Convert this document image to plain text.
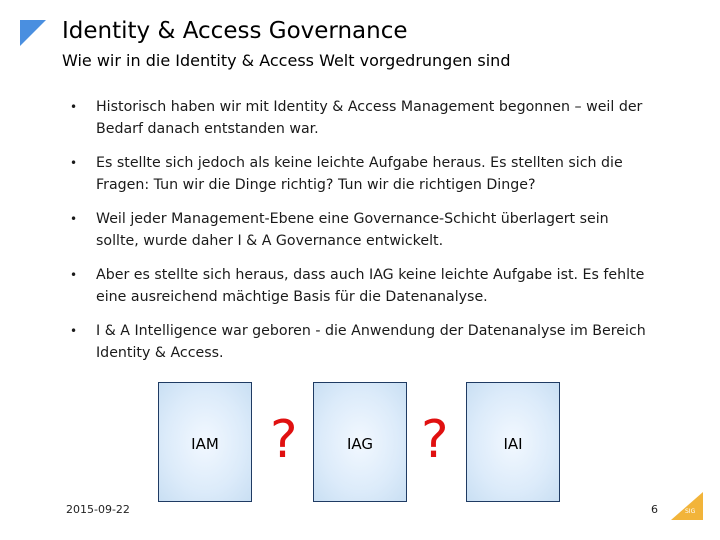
Identity & Access Governance
Wie wir in die Identity & Access Welt vorgedrungen sind
• Historisch haben wir mit Identity & Access Management begonnen – weil der Bedarf danach entstanden war.
• Es stellte sich jedoch als keine leichte Aufgabe heraus. Es stellten sich die Fragen: Tun wir die Dinge richtig? Tun wir die richtigen Dinge?
• Weil jeder Management-Ebene eine Governance-Schicht überlagert sein sollte, wurde daher I & A Governance entwickelt.
• Aber es stellte sich heraus, dass auch IAG keine leichte Aufgabe ist. Es fehlte eine ausreichend mächtige Basis für die Datenanalyse.
• I & A Intelligence war geboren - die Anwendung der Datenanalyse im Bereich Identity & Access.
IAM ?	IAG ?	IAI
2015-09-22	6	SIG
